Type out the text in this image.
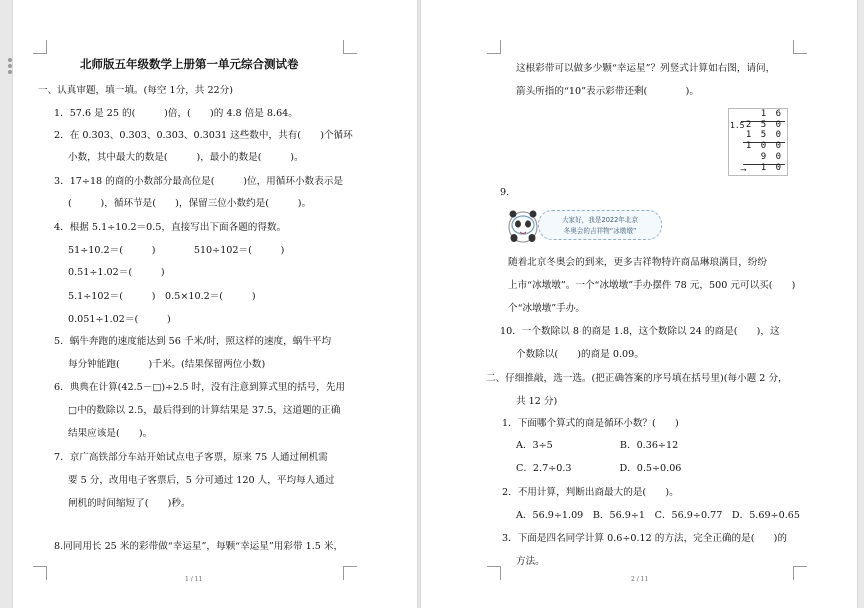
1 / 11	2 / 11
北师版五年级数学上册第一单元综合测试卷
一、认真审题，填一填。(每空 1分，共 22分)
1．57.6 是 25 的(　　　)倍，(　　)的 4.8 倍是 8.64。
2．在 0.303、0.303、0.303、0.3031 这些数中，共有(　　)个循环
小数，其中最大的数是(　　　)，最小的数是(　　　)。
3．17÷18 的商的小数部分最高位是(　　　)位，用循环小数表示是
(　　　)，循环节是(　　)，保留三位小数约是(　　　)。
4．根据 5.1÷10.2＝0.5，直接写出下面各题的得数。
51÷10.2＝(　　　)　　　　510÷102＝(　　　)
0.51÷1.02＝(　　　)
5.1÷102＝(　　　)　0.5×10.2＝(　　　)
0.051÷1.02＝(　　　)
5．蜗牛奔跑的速度能达到 56 千米/时，照这样的速度，蜗牛平均
每分钟能跑(　　　)千米。(结果保留两位小数)
6．典典在计算(42.5－□)÷2.5 时，没有注意到算式里的括号，先用
□中的数除以 2.5，最后得到的计算结果是 37.5，这道题的正确
结果应该是(　　)。
7．京广高铁部分车站开始试点电子客票，原来 75 人通过闸机需
要 5 分，改用电子客票后，5 分可通过 120 人，平均每人通过
闸机的时间缩短了(　　)秒。
8.同同用长 25 米的彩带做“幸运星”，每颗“幸运星”用彩带 1.5 米，
这根彩带可以做多少颗“幸运星”？列竖式计算如右图，请问，
箭头所指的“10”表示彩带还剩(　　　　)。
1 6
1.5 2 5 0
1 5 0
1 0 0
9 0
⟶ 1 0
9.
大家好，我是2022年北京
冬奥会的吉祥物“冰墩墩”
随着北京冬奥会的到来，更多吉祥物特许商品琳琅满目，纷纷
上市“冰墩墩”。一个“冰墩墩”手办摆件 78 元，500 元可以买(　　)
个“冰墩墩”手办。
10．一个数除以 8 的商是 1.8，这个数除以 24 的商是(　　)，这
个数除以(　　)的商是 0.09。
二、仔细推敲，选一选。(把正确答案的序号填在括号里)(每小题 2 分，
共 12 分)
1．下面哪个算式的商是循环小数？(　　)
A．3÷5　　　　　　　B．0.36÷12
C．2.7÷0.3　　　　　D．0.5÷0.06
2．不用计算，判断出商最大的是(　　)。
A．56.9÷1.09　B．56.9÷1　C．56.9÷0.77　D．5.69÷0.65
3．下面是四名同学计算 0.6÷0.12 的方法，完全正确的是(　　)的
方法。
